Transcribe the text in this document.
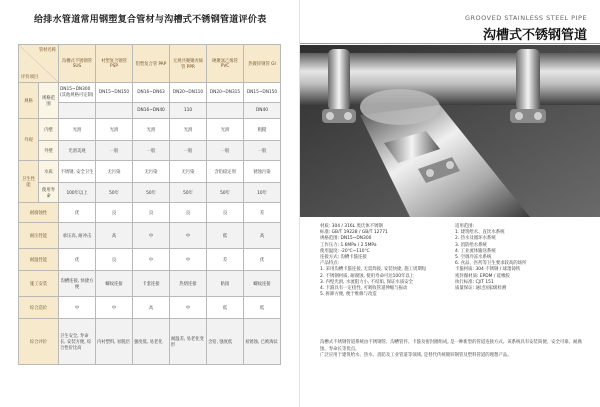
给排水管道常用钢塑复合管材与沟槽式不锈钢管道评价表
管材名称
评价项目		沟槽式不锈钢管 SUS	衬塑复合钢管 PSP	铝塑复合管 PAP	无规共聚聚丙烯管 PPR	硬聚氯乙烯管 PVC	热镀锌钢管 GI
规格	规格范围	DN15~DN300 (其他规格可定制)	DN15~DN150	DN16~DN63	DN20~DN110	DN20~DN315	DN15~DN150
				DN16~DN40	110		DN40
外观	内壁	光滑	光滑	光滑	光滑	光滑	粗糙
	外壁	光滑美观	一般	一般	一般	一般	一般
卫生性能	水质	不锈钢, 安全卫生	无污染	无污染	无污染	含铅稳定剂	锈蚀污染
	使用寿命	100年以上	50年	50年	50年	50年	10年
耐腐蚀性		优	良	良	良	良	差
耐压性能		承压高, 耐冲击	高	中	中	低	高
耐温性能		优	良	中	中	差	优
施工安装		沟槽连接, 快捷方便	螺纹连接	卡套连接	热熔连接	粘接	螺纹连接
综合造价		中	中	高	中	低	低
综合评价		卫生安全, 寿命长, 安装方便, 综合性价比高	内衬塑料, 易脱层	强度低, 易老化	耐温差, 易老化变形	含铅, 强度低	易锈蚀, 已被淘汰
GROOVED STAINLESS STEEL PIPE
沟槽式不锈钢管道

材质: 304 / 316L 奥氏体不锈钢

标准: GB/T 19228 / GB/T 12771

规格范围: DN15~DN300

工作压力: 1.6MPa / 2.5MPa

使用温度: -20℃~110℃

连接方式: 沟槽卡箍连接

产品特点:

1. 采用沟槽卡箍连接, 无需焊接, 安装快捷, 施工周期短

2. 不锈钢材质, 耐腐蚀, 使用寿命可达100年以上

3. 内壁光滑, 水流阻力小, 不结垢, 保证水质安全

4. 卡箍具有一定挠性, 可吸收管道伸缩与振动

5. 拆卸方便, 便于维修与改造

适用范围:

1. 建筑给水、直饮水系统

2. 热水及循环水系统

3. 消防给水系统

4. 工业流体输送系统

5. 空调冷冻水系统

6. 食品、医药等卫生要求较高的场所

卡箍材质: 304 不锈钢 / 球墨铸铁

密封圈材质: EPDM / 硅橡胶

执行标准: CJ/T 151

质量保证: 通过国家级检测

沟槽式不锈钢管道系统由不锈钢管、沟槽管件、卡箍及密封圈组成, 是一种新型的管道连接方式。该系统具有安装简便、安全可靠、耐腐蚀、寿命长等优点,

广泛应用于建筑给水、热水、消防及工业管道等领域, 是替代传统镀锌钢管及塑料管道的理想产品。
